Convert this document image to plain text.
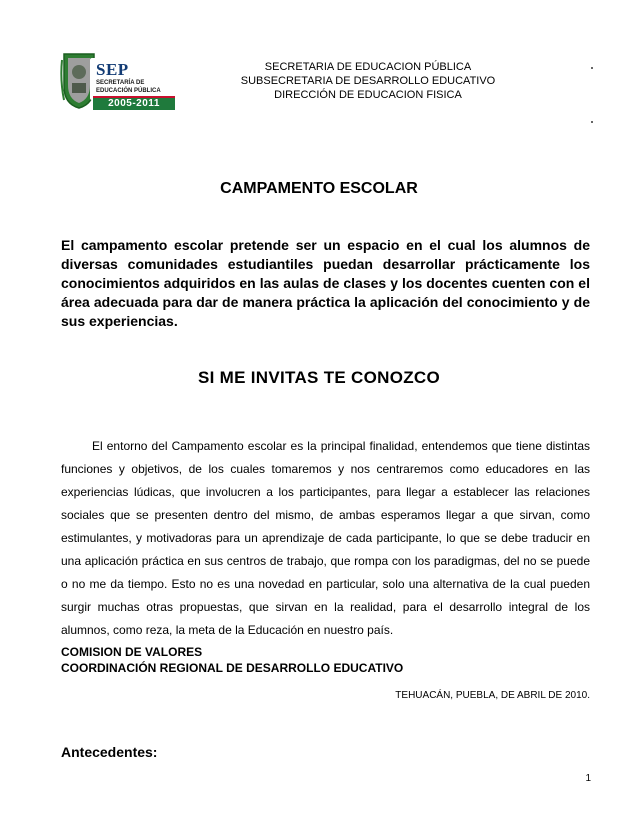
SEP
SECRETARÍA DE
EDUCACIÓN PÚBLICA
2005-2011
SECRETARIA DE EDUCACION PÚBLICA
SUBSECRETARIA DE DESARROLLO EDUCATIVO
DIRECCIÓN DE EDUCACION FISICA
CAMPAMENTO ESCOLAR
El campamento escolar pretende ser un espacio en el cual los alumnos de diversas comunidades estudiantiles puedan desarrollar prácticamente los conocimientos adquiridos en las aulas de clases y los docentes cuenten con el área adecuada para dar de manera práctica la aplicación del conocimiento y de sus experiencias.
SI ME INVITAS TE CONOZCO

El entorno del Campamento escolar es la principal finalidad, entendemos que tiene distintas funciones y objetivos, de los cuales tomaremos y nos centraremos como educadores en las experiencias lúdicas, que involucren a los participantes, para llegar a establecer las relaciones sociales que se presenten dentro del mismo, de ambas esperamos llegar a que sirvan, como estimulantes, y motivadoras para un aprendizaje de cada participante, lo que se debe traducir en una aplicación práctica en sus centros de trabajo, que rompa con los paradigmas, del no se puede o no me da tiempo. Esto no es una novedad en particular, solo una alternativa de la cual pueden surgir muchas otras propuestas, que sirvan en la realidad, para el desarrollo integral de los alumnos, como reza, la meta de la Educación en nuestro país.

COMISION DE VALORES
COORDINACIÓN REGIONAL DE DESARROLLO EDUCATIVO
TEHUACÁN, PUEBLA, DE ABRIL DE 2010.
Antecedentes:
1
